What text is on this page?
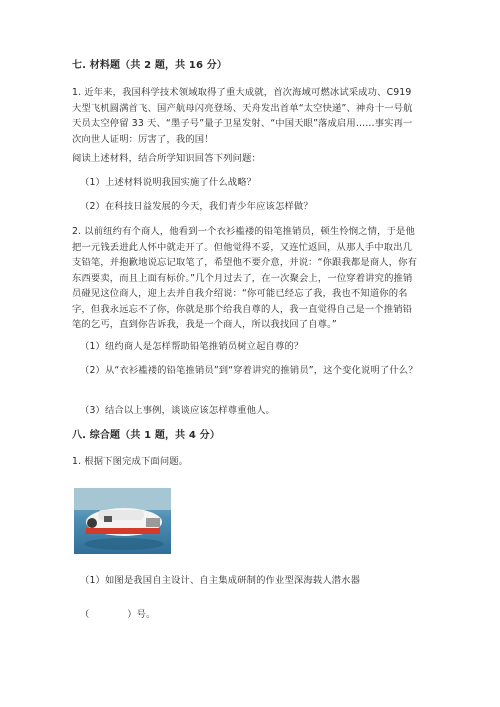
七. 材料题（共 2 题，共 16 分）
1. 近年来，我国科学技术领域取得了重大成就，首次海域可燃冰试采成功、C919 大型飞机圆满首飞、国产航母闪亮登场、天舟发出首单“太空快递”、神舟十一号航天员太空停留 33 天、“墨子号”量子卫星发射、“中国天眼”落成启用……事实再一次向世人证明：厉害了，我的国！
阅读上述材料，结合所学知识回答下列问题：
（1）上述材料说明我国实施了什么战略？
（2）在科技日益发展的今天，我们青少年应该怎样做？
2. 以前纽约有个商人，他看到一个衣衫褴褛的铅笔推销员，顿生怜悯之情，于是他把一元钱丢进此人怀中就走开了。但他觉得不妥，又连忙返回，从那人手中取出几支铅笔，并抱歉地说忘记取笔了，希望他不要介意，并说：“你跟我都是商人，你有东西要卖，而且上面有标价。”几个月过去了，在一次聚会上，一位穿着讲究的推销员碰见这位商人，迎上去并自我介绍说：“你可能已经忘了我，我也不知道你的名字，但我永远忘不了你，你就是那个给我自尊的人，我一直觉得自己是一个推销铅笔的乞丐，直到你告诉我，我是一个商人，所以我找回了自尊。”
（1）纽约商人是怎样帮助铅笔推销员树立起自尊的？
（2）从“衣衫褴褛的铅笔推销员”到“穿着讲究的推销员”，这个变化说明了什么？
（3）结合以上事例，谈谈应该怎样尊重他人。
八. 综合题（共 1 题，共 4 分）
1. 根据下图完成下面问题。
（1）如图是我国自主设计、自主集成研制的作业型深海载人潜水器
（　　　　）号。
